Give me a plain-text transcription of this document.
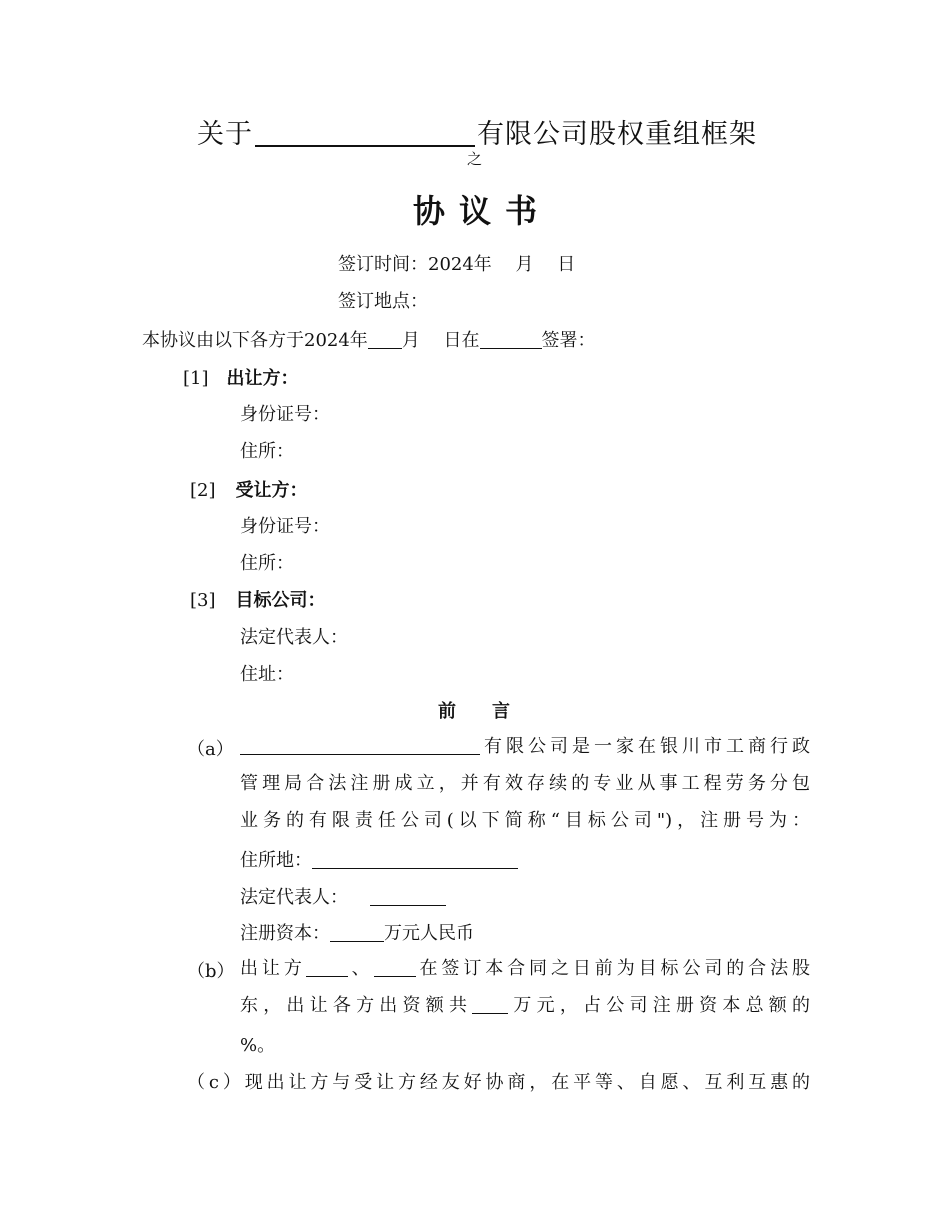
关于	有限公司股权重组框架
之
协议书
签订时间：2024年　 月 　日
签订地点：
本协议由以下各方于2024年 月　 日在	签署：
[1] 出让方：
身份证号：
住所：
[2] 受让方：
身份证号：
住所：
[3] 目标公司：
法定代表人：
住址：
前　　言
（a）	有限公司是一家在银川市工商行政
管理局合法注册成立，并有效存续的专业从事工程劳务分包
业务的有限责任公司(以下简称“目标公司")，注册号为：
住所地：
法定代表人：
注册资本：	万元人民币
（b） 出让方 、 在签订本合同之日前为目标公司的合法股
东，出让各方出资额共 万元，占公司注册资本总额的
%。
（c）现出让方与受让方经友好协商，在平等、自愿、互利互惠的
